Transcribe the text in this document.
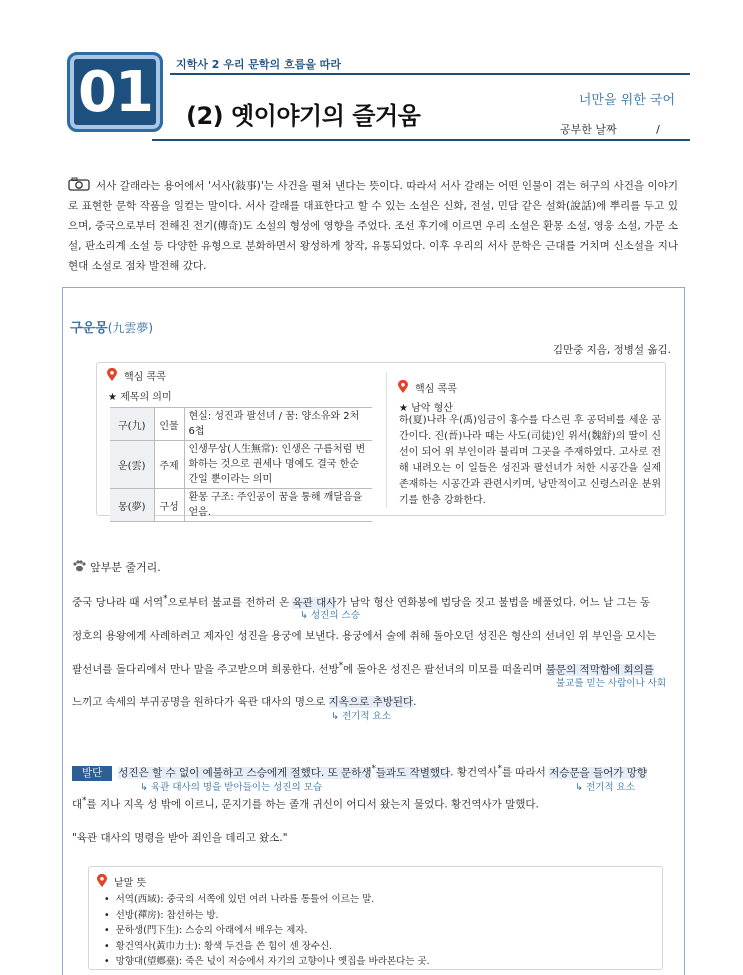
01 지학사 2 우리 문학의 흐름을 따라
(2) 옛이야기의 즐거움
너만을 위한 국어
공부한 날짜	/
서사 갈래라는 용어에서 '서사(敍事)'는 사건을 펼쳐 낸다는 뜻이다. 따라서 서사 갈래는 어떤 인물이 겪는 허구의 사건을 이야기로 표현한 문학 작품을 일컫는 말이다. 서사 갈래를 대표한다고 할 수 있는 소설은 신화, 전설, 민담 같은 설화(說話)에 뿌리를 두고 있으며, 중국으로부터 전해진 전기(傳奇)도 소설의 형성에 영향을 주었다. 조선 후기에 이르면 우리 소설은 환몽 소설, 영웅 소설, 가문 소설, 판소리계 소설 등 다양한 유형으로 분화하면서 왕성하게 창작, 유통되었다. 이후 우리의 서사 문학은 근대를 거치며 신소설을 지나 현대 소설로 점차 발전해 갔다.
구운몽(九雲夢)
김만중 지음, 정병설 옮김.
핵심 콕콕
★ 제목의 의미
구(九)	인물	현실: 성진과 팔선녀 / 꿈: 양소유와 2처 6첩
운(雲)	주제	인생무상(人生無常): 인생은 구름처럼 변화하는 것으로 권세나 명예도 결국 한순간일 뿐이라는 의미
몽(夢)	구성	환몽 구조: 주인공이 꿈을 통해 깨달음을 얻음.
핵심 콕콕
★ 남악 형산
하(夏)나라 우(禹)임금이 홍수를 다스린 후 공덕비를 세운 공간이다. 진(晉)나라 때는 사도(司徒)인 위서(魏舒)의 딸이 신선이 되어 위 부인이라 불리며 그곳을 주재하였다. 고사로 전해 내려오는 이 일들은 성진과 팔선녀가 처한 시공간을 실제 존재하는 시공간과 관련시키며, 낭만적이고 신령스러운 분위기를 한층 강화한다.
앞부분 줄거리.
중국 당나라 때 서역*으로부터 불교를 전하러 온 육관 대사가 남악 형산 연화봉에 법당을 짓고 불법을 베풀었다. 어느 날 그는 동
↳ 성진의 스승
정호의 용왕에게 사례하려고 제자인 성진을 용궁에 보낸다. 용궁에서 술에 취해 돌아오던 성진은 형산의 선녀인 위 부인을 모시는
팔선녀를 돌다리에서 만나 말을 주고받으며 희롱한다. 선방*에 돌아온 성진은 팔선녀의 미모를 떠올리며 불문의 적막함에 회의를
불교를 믿는 사람이나 사회
느끼고 속세의 부귀공명을 원하다가 육관 대사의 명으로 지옥으로 추방된다.
↳ 전기적 요소
발단 성진은 할 수 없이 예불하고 스승에게 절했다. 또 문하생*들과도 작별했다. 황건역사*를 따라서 저승문을 들어가 망향
↳ 육관 대사의 명을 받아들이는 성진의 모습	↳ 전기적 요소
대*를 지나 지옥 성 밖에 이르니, 문지기를 하는 졸개 귀신이 어디서 왔는지 물었다. 황건역사가 말했다.
"육관 대사의 명령을 받아 죄인을 데리고 왔소."
낱말 뜻
• 서역(西域): 중국의 서쪽에 있던 여러 나라를 통틀어 이르는 말.
• 선방(禪房): 참선하는 방.
• 문하생(門下生): 스승의 아래에서 배우는 제자.
• 황건역사(黃巾力士): 황색 두건을 쓴 힘이 센 장수신.
• 망향대(望鄕臺): 죽은 넋이 저승에서 자기의 고향이나 옛집을 바라본다는 곳.
